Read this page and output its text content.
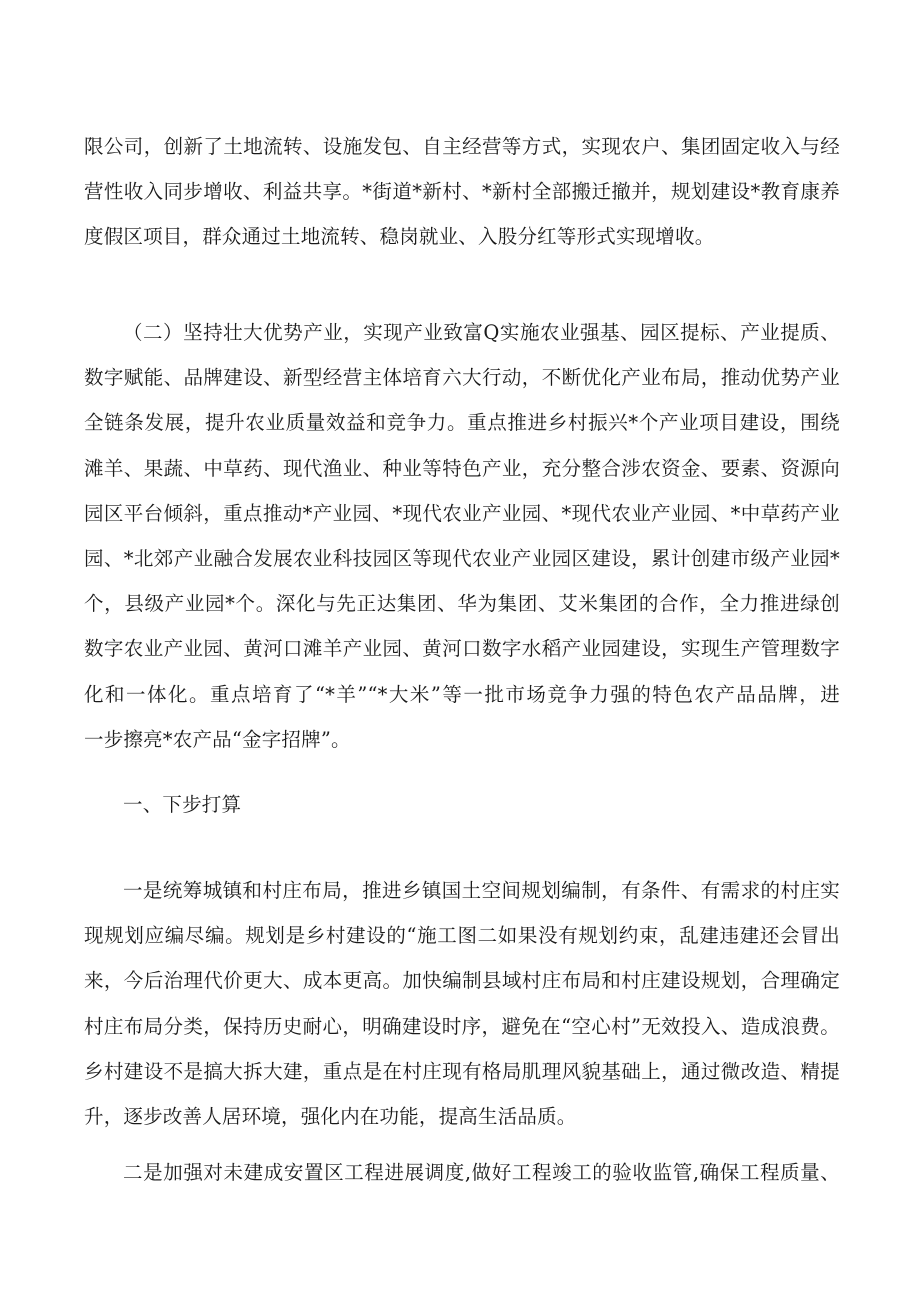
限公司，创新了土地流转、设施发包、自主经营等方式，实现农户、集团固定收入与经
营性收入同步增收、利益共享。*街道*新村、*新村全部搬迁撤并，规划建设*教育康养
度假区项目，群众通过土地流转、稳岗就业、入股分红等形式实现增收。
（二）坚持壮大优势产业，实现产业致富Q实施农业强基、园区提标、产业提质、
数字赋能、品牌建设、新型经营主体培育六大行动，不断优化产业布局，推动优势产业
全链条发展，提升农业质量效益和竞争力。重点推进乡村振兴*个产业项目建设，围绕
滩羊、果蔬、中草药、现代渔业、种业等特色产业，充分整合涉农资金、要素、资源向
园区平台倾斜，重点推动*产业园、*现代农业产业园、*现代农业产业园、*中草药产业
园、*北郊产业融合发展农业科技园区等现代农业产业园区建设，累计创建市级产业园*
个，县级产业园*个。深化与先正达集团、华为集团、艾米集团的合作，全力推进绿创
数字农业产业园、黄河口滩羊产业园、黄河口数字水稻产业园建设，实现生产管理数字
化和一体化。重点培育了“*羊”“*大米”等一批市场竞争力强的特色农产品品牌，进
一步擦亮*农产品“金字招牌”。
一、下步打算
一是统筹城镇和村庄布局，推进乡镇国土空间规划编制，有条件、有需求的村庄实
现规划应编尽编。规划是乡村建设的“施工图二如果没有规划约束，乱建违建还会冒出
来，今后治理代价更大、成本更高。加快编制县域村庄布局和村庄建设规划，合理确定
村庄布局分类，保持历史耐心，明确建设时序，避免在“空心村”无效投入、造成浪费。
乡村建设不是搞大拆大建，重点是在村庄现有格局肌理风貌基础上，通过微改造、精提
升，逐步改善人居环境，强化内在功能，提高生活品质。
二是加强对未建成安置区工程进展调度,做好工程竣工的验收监管,确保工程质量、
